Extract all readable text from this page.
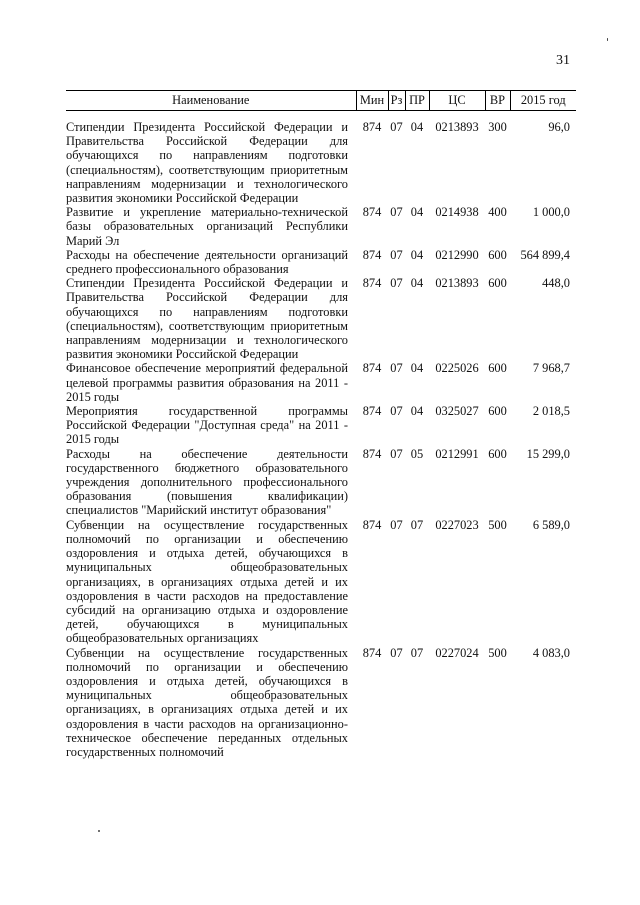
31
Наименование	Мин	Рз	ПР	ЦС	ВР	2015 год
Стипендии Президента Российской Федерации и Правительства Российской Федерации для обучающихся по направлениям подготовки (специальностям), соответствующим приоритетным направлениям модернизации и технологического развития экономики Российской Федерации	874	07	04	0213893	300	96,0
Развитие и укрепление материально-технической базы образовательных организаций Республики Марий Эл	874	07	04	0214938	400	1 000,0
Расходы на обеспечение деятельности организаций среднего профессионального образования	874	07	04	0212990	600	564 899,4
Стипендии Президента Российской Федерации и Правительства Российской Федерации для обучающихся по направлениям подготовки (специальностям), соответствующим приоритетным направлениям модернизации и технологического развития экономики Российской Федерации	874	07	04	0213893	600	448,0
Финансовое обеспечение мероприятий федеральной целевой программы развития образования на 2011 - 2015 годы	874	07	04	0225026	600	7 968,7
Мероприятия государственной программы Российской Федерации "Доступная среда" на 2011 - 2015 годы	874	07	04	0325027	600	2 018,5
Расходы на обеспечение деятельности государственного бюджетного образовательного учреждения дополнительного профессионального образования (повышения квалификации) специалистов "Марийский институт образования"	874	07	05	0212991	600	15 299,0
Субвенции на осуществление государственных полномочий по организации и обеспечению оздоровления и отдыха детей, обучающихся в муниципальных общеобразовательных организациях, в организациях отдыха детей и их оздоровления в части расходов на предоставление субсидий на организацию отдыха и оздоровление детей, обучающихся в муниципальных общеобразовательных организациях	874	07	07	0227023	500	6 589,0
Субвенции на осуществление государственных полномочий по организации и обеспечению оздоровления и отдыха детей, обучающихся в муниципальных общеобразовательных организациях, в организациях отдыха детей и их оздоровления в части расходов на организационно-техническое обеспечение переданных отдельных государственных полномочий	874	07	07	0227024	500	4 083,0
